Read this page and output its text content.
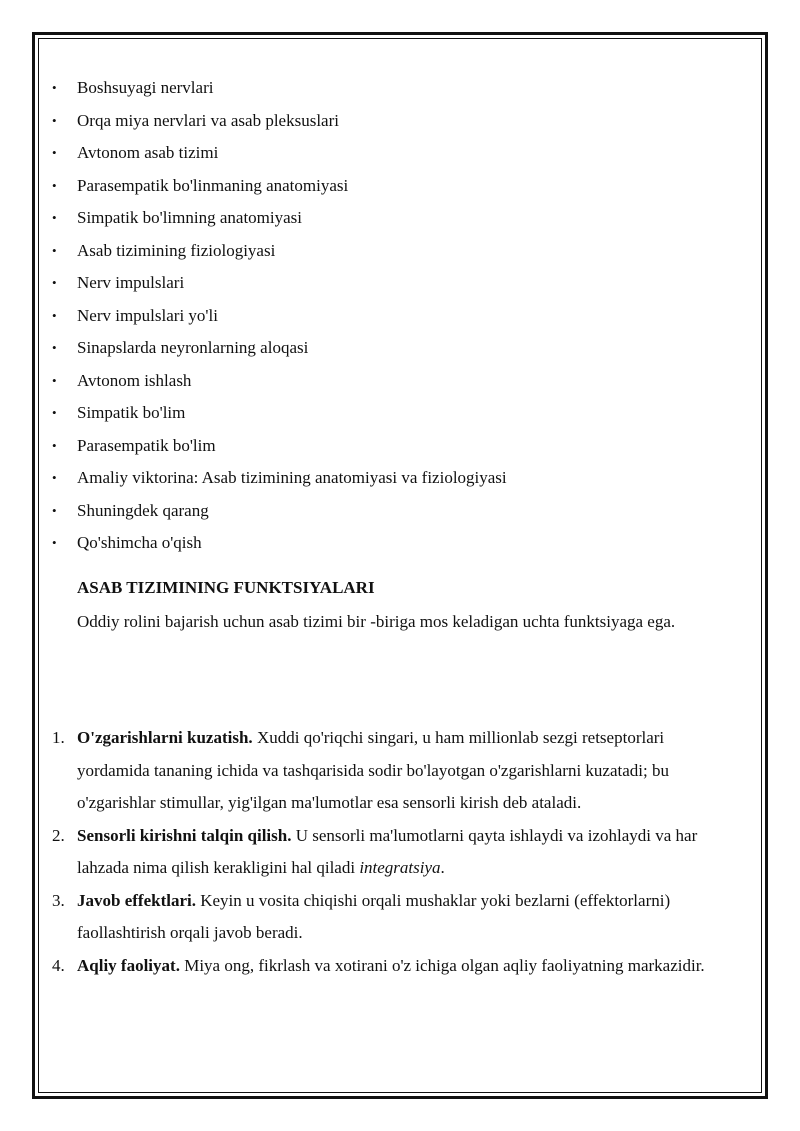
• Boshsuyagi nervlari
• Orqa miya nervlari va asab pleksuslari
• Avtonom asab tizimi
• Parasempatik bo'linmaning anatomiyasi
• Simpatik bo'limning anatomiyasi
• Asab tizimining fiziologiyasi
• Nerv impulslari
• Nerv impulslari yo'li
• Sinapslarda neyronlarning aloqasi
• Avtonom ishlash
• Simpatik bo'lim
• Parasempatik bo'lim
• Amaliy viktorina: Asab tizimining anatomiyasi va fiziologiyasi
• Shuningdek qarang
• Qo'shimcha o'qish
ASAB TIZIMINING FUNKTSIYALARI

Oddiy rolini bajarish uchun asab tizimi bir -biriga mos keladigan uchta funktsiyaga ega.

1. O'zgarishlarni kuzatish. Xuddi qo'riqchi singari, u ham millionlab sezgi retseptorlari yordamida tananing ichida va tashqarisida sodir bo'layotgan o'zgarishlarni kuzatadi; bu o'zgarishlar stimullar, yig'ilgan ma'lumotlar esa sensorli kirish deb ataladi.
2. Sensorli kirishni talqin qilish. U sensorli ma'lumotlarni qayta ishlaydi va izohlaydi va har lahzada nima qilish kerakligini hal qiladi integratsiya.
3. Javob effektlari. Keyin u vosita chiqishi orqali mushaklar yoki bezlarni (effektorlarni) faollashtirish orqali javob beradi.
4. Aqliy faoliyat. Miya ong, fikrlash va xotirani o'z ichiga olgan aqliy faoliyatning markazidir.
